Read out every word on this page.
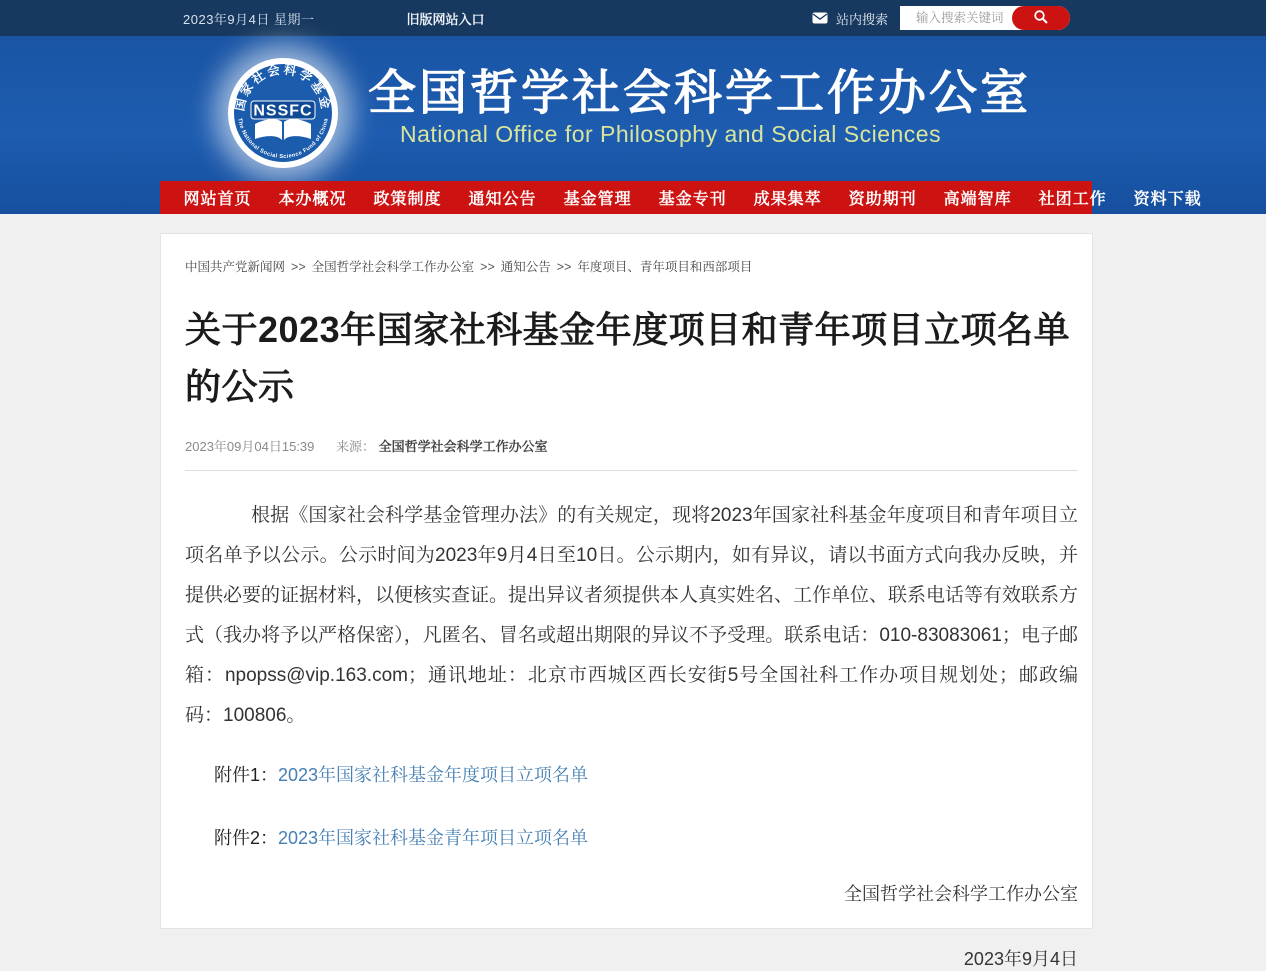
2023年9月4日 星期一	旧版网站入口	站内搜索
输入搜索关键词
国家社会科学基金
NSSFC
The National Social Science Fund of China 全国哲学社会科学工作办公室
National Office for Philosophy and Social Sciences
网站首页	本办概况	政策制度	通知公告	基金管理	基金专刊	成果集萃	资助期刊	高端智库	社团工作	资料下载
中国共产党新闻网 >> 全国哲学社会科学工作办公室 >> 通知公告 >> 年度项目、青年项目和西部项目
关于2023年国家社科基金年度项目和青年项目立项名单的公示
2023年09月04日15:39 来源： 全国哲学社会科学工作办公室

根据《国家社会科学基金管理办法》的有关规定，现将2023年国家社科基金年度项目和青年项目立项名单予以公示。公示时间为2023年9月4日至10日。公示期内，如有异议，请以书面方式向我办反映，并提供必要的证据材料，以便核实查证。提出异议者须提供本人真实姓名、工作单位、联系电话等有效联系方式（我办将予以严格保密），凡匿名、冒名或超出期限的异议不予受理。联系电话：010-83083061；电子邮箱：npopss@vip.163.com；通讯地址：北京市西城区西长安街5号全国社科工作办项目规划处；邮政编码：100806。

附件1：2023年国家社科基金年度项目立项名单
附件2：2023年国家社科基金青年项目立项名单
全国哲学社会科学工作办公室
2023年9月4日
